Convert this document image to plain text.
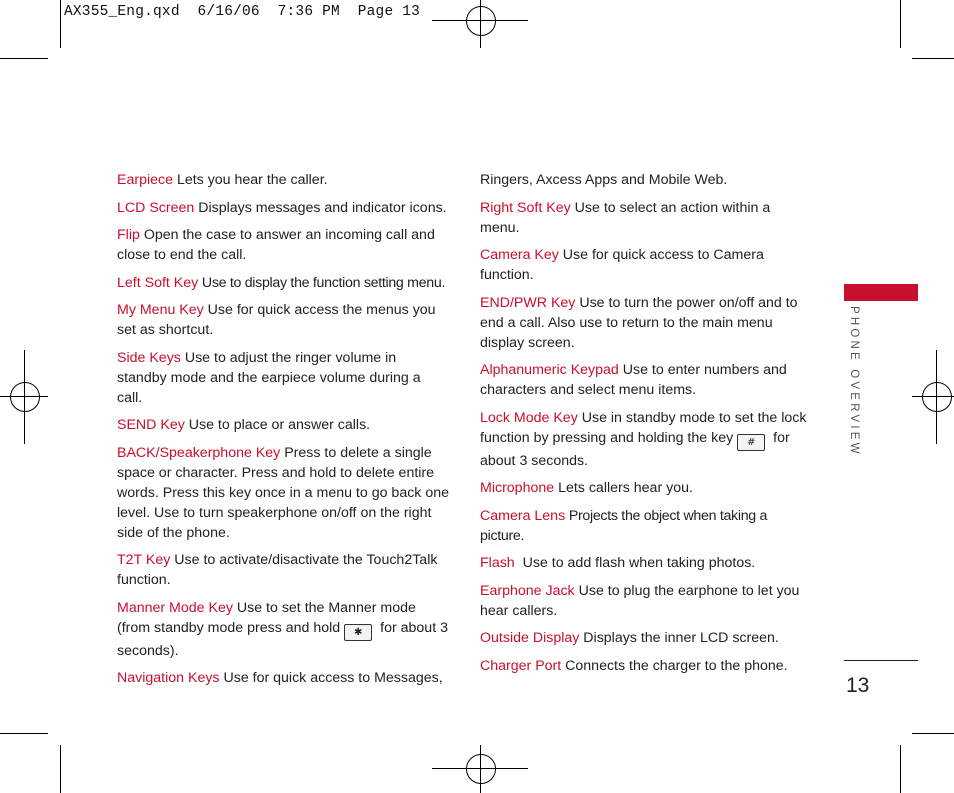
AX355_Eng.qxd  6/16/06  7:36 PM  Page 13
Earpiece Lets you hear the caller.
LCD Screen Displays messages and indicator icons.
Flip Open the case to answer an incoming call and close to end the call.
Left Soft Key Use to display the function setting menu.
My Menu Key Use for quick access the menus you set as shortcut.
Side Keys Use to adjust the ringer volume in standby mode and the earpiece volume during a call.
SEND Key Use to place or answer calls.
BACK/Speakerphone Key Press to delete a single space or character. Press and hold to delete entire words. Press this key once in a menu to go back one level. Use to turn speakerphone on/off on the right side of the phone.
T2T Key Use to activate/disactivate the Touch2Talk function.
Manner Mode Key Use to set the Manner mode (from standby mode press and hold ✱ for about 3 seconds).
Navigation Keys Use for quick access to Messages,
Ringers, Axcess Apps and Mobile Web.
Right Soft Key Use to select an action within a menu.
Camera Key Use for quick access to Camera function.
END/PWR Key Use to turn the power on/off and to end a call. Also use to return to the main menu display screen.
Alphanumeric Keypad Use to enter numbers and characters and select menu items.
Lock Mode Key Use in standby mode to set the lock function by pressing and holding the key # for about 3 seconds.
Microphone Lets callers hear you.
Camera Lens Projects the object when taking a picture.
Flash  Use to add flash when taking photos.
Earphone Jack Use to plug the earphone to let you hear callers.
Outside Display Displays the inner LCD screen.
Charger Port Connects the charger to the phone.
PHONE OVERVIEW
13
